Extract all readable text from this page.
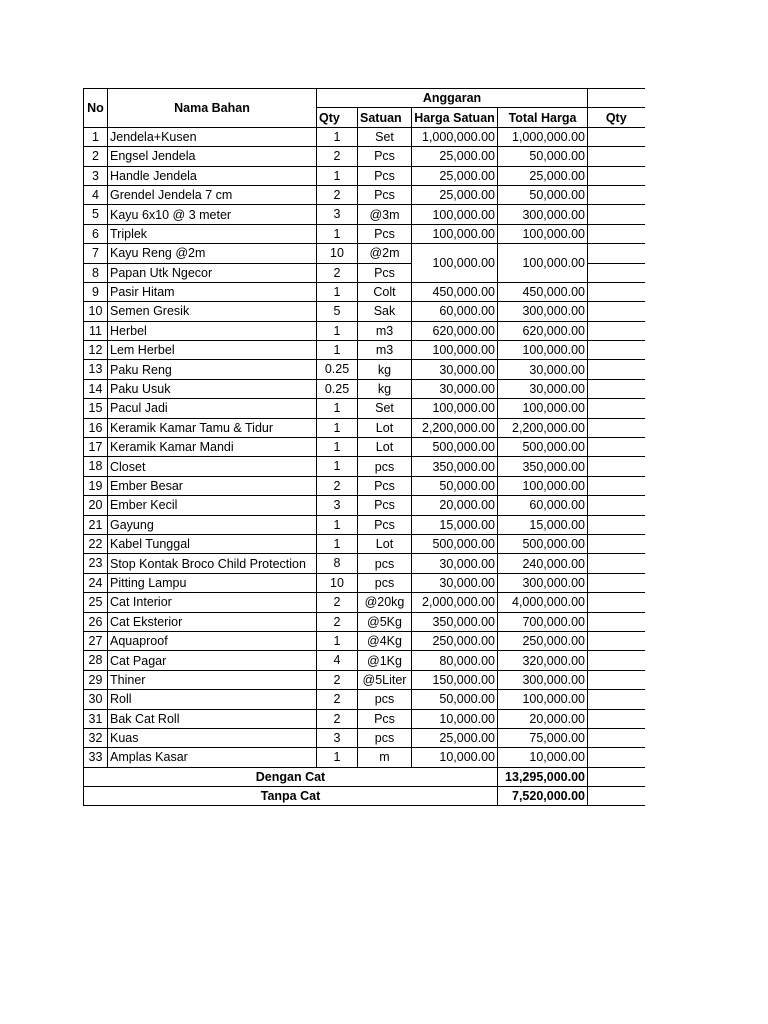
No	Nama Bahan	Anggaran				
		Qty	Satuan	Harga Satuan	Total Harga	Qty
1	Jendela+Kusen	1	Set	1,000,000.00	1,000,000.00	
2	Engsel Jendela	2	Pcs	25,000.00	50,000.00	
3	Handle Jendela	1	Pcs	25,000.00	25,000.00	
4	Grendel Jendela 7 cm	2	Pcs	25,000.00	50,000.00	
5	Kayu 6x10 @ 3 meter	3	@3m	100,000.00	300,000.00	
6	Triplek	1	Pcs	100,000.00	100,000.00	
7	Kayu Reng @2m	10	@2m	100,000.00	100,000.00	
8	Papan Utk Ngecor	2	Pcs			
9	Pasir Hitam	1	Colt	450,000.00	450,000.00	
10	Semen Gresik	5	Sak	60,000.00	300,000.00	
11	Herbel	1	m3	620,000.00	620,000.00	
12	Lem Herbel	1	m3	100,000.00	100,000.00	
13	Paku Reng	0.25	kg	30,000.00	30,000.00	
14	Paku Usuk	0.25	kg	30,000.00	30,000.00	
15	Pacul Jadi	1	Set	100,000.00	100,000.00	
16	Keramik Kamar Tamu & Tidur	1	Lot	2,200,000.00	2,200,000.00	
17	Keramik Kamar Mandi	1	Lot	500,000.00	500,000.00	
18	Closet	1	pcs	350,000.00	350,000.00	
19	Ember Besar	2	Pcs	50,000.00	100,000.00	
20	Ember Kecil	3	Pcs	20,000.00	60,000.00	
21	Gayung	1	Pcs	15,000.00	15,000.00	
22	Kabel Tunggal	1	Lot	500,000.00	500,000.00	
23	Stop Kontak Broco Child Protection	8	pcs	30,000.00	240,000.00	
24	Pitting Lampu	10	pcs	30,000.00	300,000.00	
25	Cat Interior	2	@20kg	2,000,000.00	4,000,000.00	
26	Cat Eksterior	2	@5Kg	350,000.00	700,000.00	
27	Aquaproof	1	@4Kg	250,000.00	250,000.00	
28	Cat Pagar	4	@1Kg	80,000.00	320,000.00	
29	Thiner	2	@5Liter	150,000.00	300,000.00	
30	Roll	2	pcs	50,000.00	100,000.00	
31	Bak Cat Roll	2	Pcs	10,000.00	20,000.00	
32	Kuas	3	pcs	25,000.00	75,000.00	
33	Amplas Kasar	1	m	10,000.00	10,000.00	
Dengan Cat					13,295,000.00	
Tanpa Cat					7,520,000.00	
